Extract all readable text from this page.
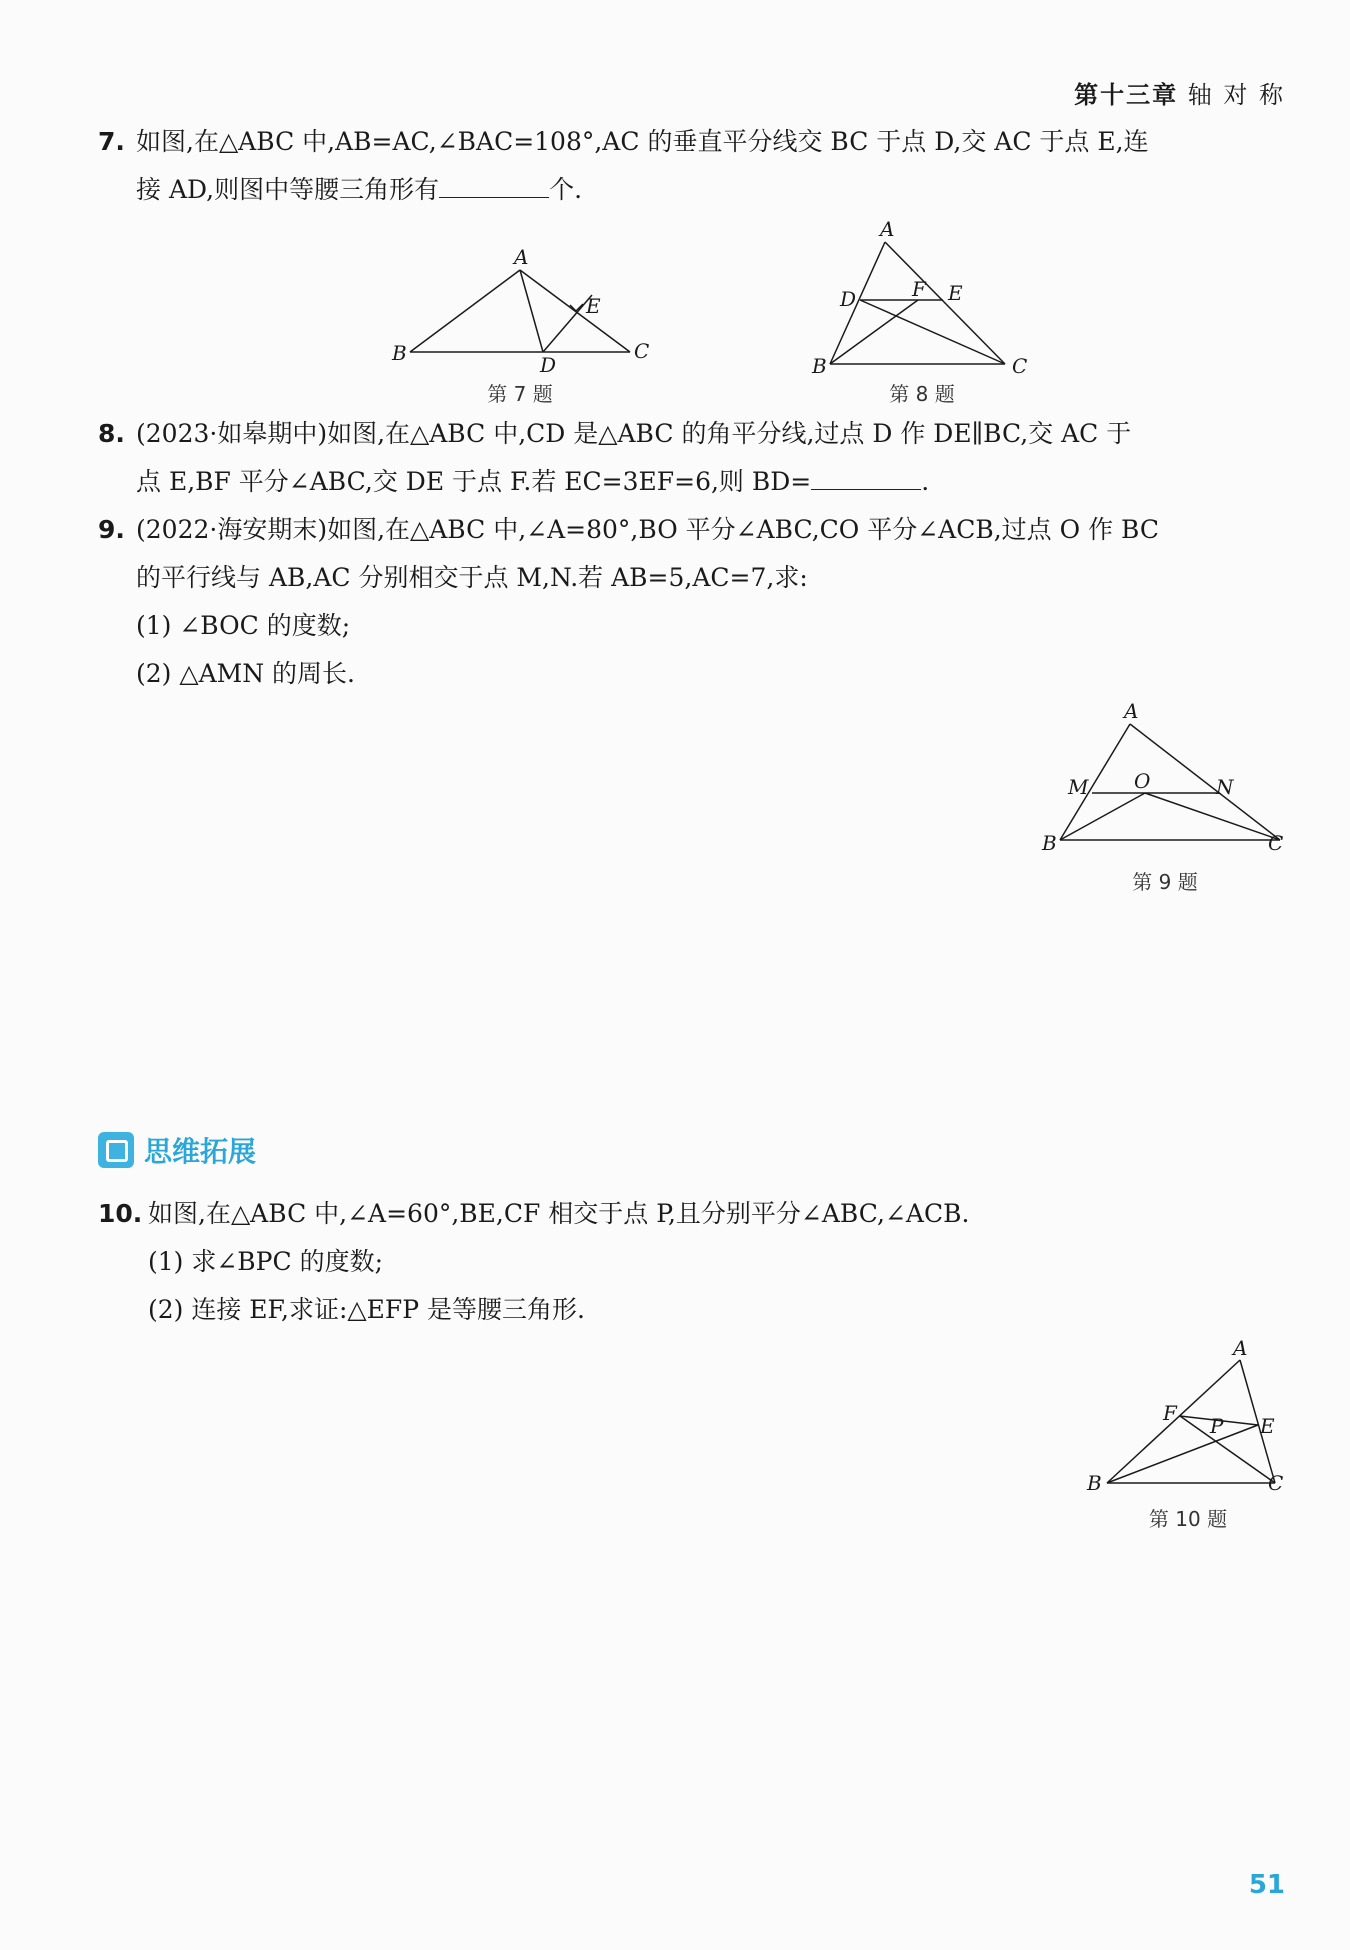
第十三章 轴 对 称
7. 如图,在△ABC 中,AB=AC,∠BAC=108°,AC 的垂直平分线交 BC 于点 D,交 AC 于点 E,连
接 AD,则图中等腰三角形有	个.
A
B	C
D
E
第 7 题
A
B	C
D	E
F
第 8 题
8. (2023·如皋期中)如图,在△ABC 中,CD 是△ABC 的角平分线,过点 D 作 DE∥BC,交 AC 于
点 E,BF 平分∠ABC,交 DE 于点 F.若 EC=3EF=6,则 BD=	.
9. (2022·海安期末)如图,在△ABC 中,∠A=80°,BO 平分∠ABC,CO 平分∠ACB,过点 O 作 BC
的平行线与 AB,AC 分别相交于点 M,N.若 AB=5,AC=7,求:
(1) ∠BOC 的度数;
(2) △AMN 的周长.
A
B	C
M	N
O
第 9 题
思维拓展
10. 如图,在△ABC 中,∠A=60°,BE,CF 相交于点 P,且分别平分∠ABC,∠ACB.
(1) 求∠BPC 的度数;
(2) 连接 EF,求证:△EFP 是等腰三角形.
A
B	C
E
F
P
第 10 题
51
